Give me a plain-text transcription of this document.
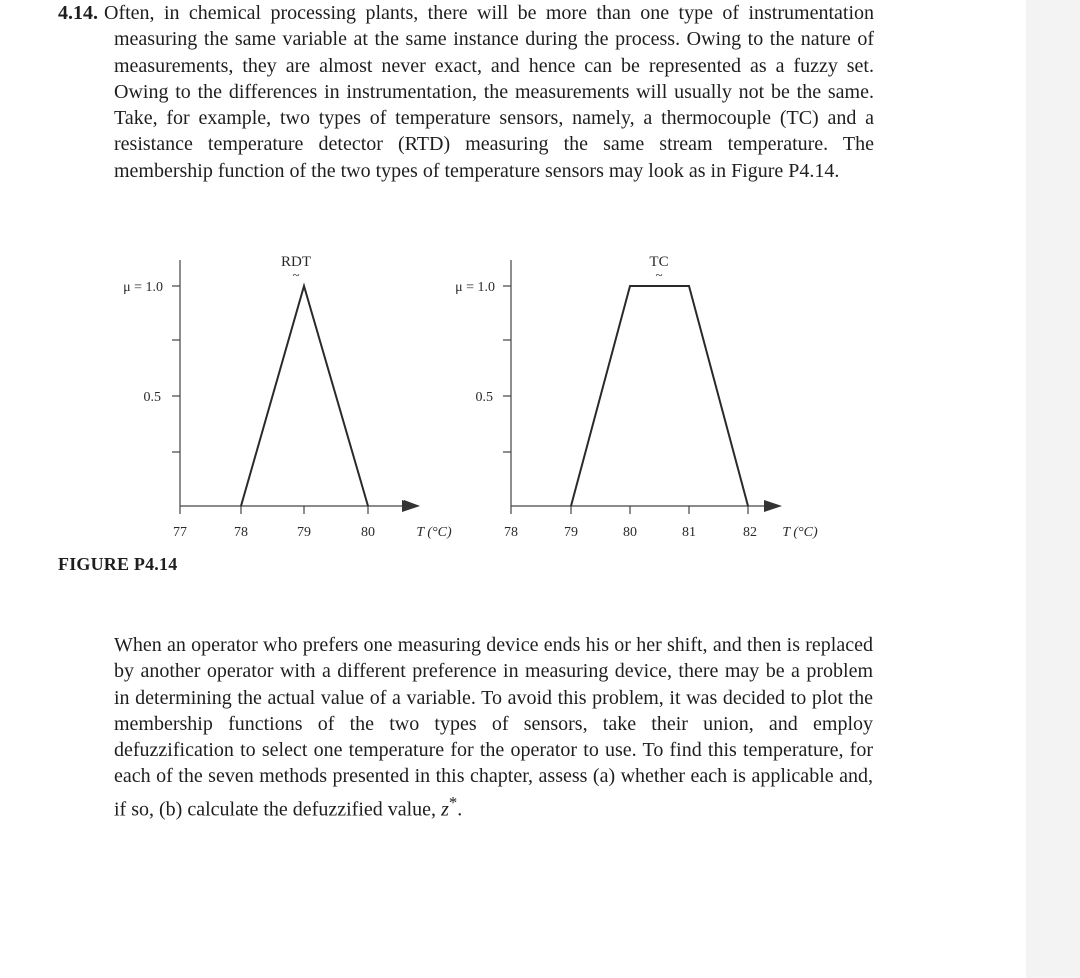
4.14. Often, in chemical processing plants, there will be more than one type of instrumentation measuring the same variable at the same instance during the process. Owing to the nature of measurements, they are almost never exact, and hence can be represented as a fuzzy set. Owing to the differences in instrumentation, the measurements will usually not be the same. Take, for example, two types of temperature sensors, namely, a thermocouple (TC) and a resistance temperature detector (RTD) measuring the same stream temperature. The membership function of the two types of temperature sensors may look as in Figure P4.14.

μ = 1.0
0.5
RDT
~
77	78	79	80	T (°C)
μ = 1.0
0.5
TC
~
78	79	80	81	82 T (°C)
FIGURE P4.14

When an operator who prefers one measuring device ends his or her shift, and then is replaced by another operator with a different preference in measuring device, there may be a problem in determining the actual value of a variable. To avoid this problem, it was decided to plot the membership functions of the two types of sensors, take their union, and employ defuzzification to select one temperature for the operator to use. To find this temperature, for each of the seven methods presented in this chapter, assess (a) whether each is applicable and, if so, (b) calculate the defuzzified value, z*.
